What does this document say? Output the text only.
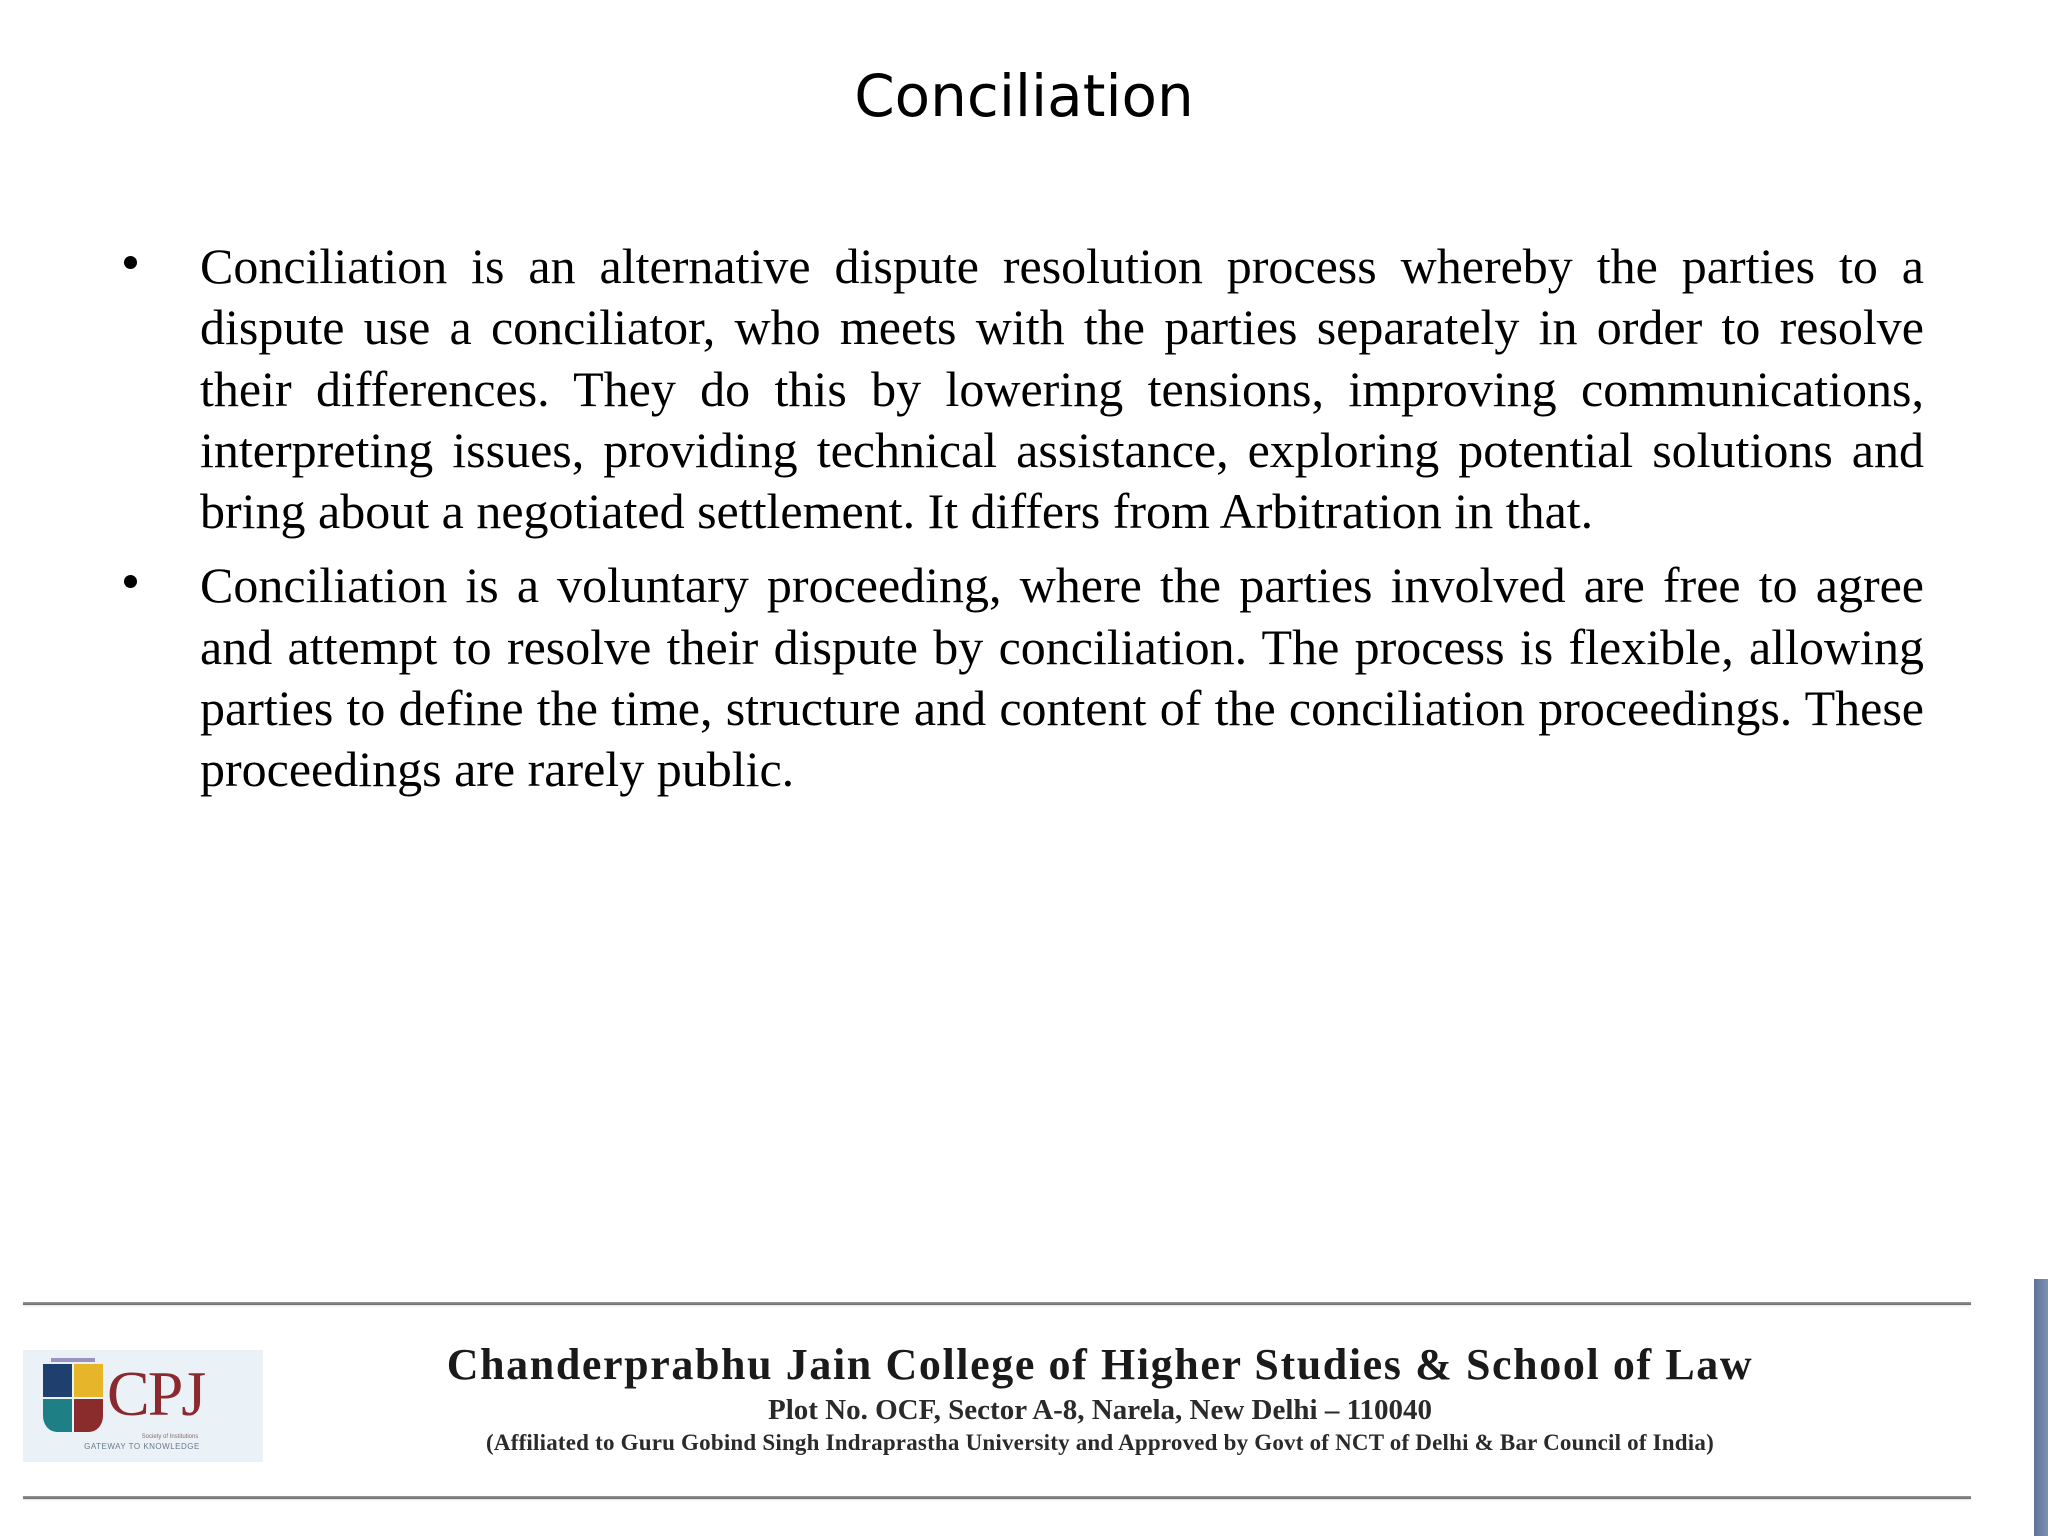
Conciliation
Conciliation is an alternative dispute resolution process whereby the parties to a dispute use a conciliator, who meets with the parties separately in order to resolve their differences. They do this by lowering tensions, improving communications, interpreting issues, providing technical assistance, exploring potential solutions and bring about a negotiated settlement. It differs from Arbitration in that.
Conciliation is a voluntary proceeding, where the parties involved are free to agree and attempt to resolve their dispute by conciliation. The process is flexible, allowing parties to define the time, structure and content of the conciliation proceedings. These proceedings are rarely public.
CPJ
Society of Institutions
GATEWAY TO KNOWLEDGE
Chanderprabhu Jain College of Higher Studies & School of Law
Plot No. OCF, Sector A-8, Narela, New Delhi – 110040
(Affiliated to Guru Gobind Singh Indraprastha University and Approved by Govt of NCT of Delhi & Bar Council of India)
